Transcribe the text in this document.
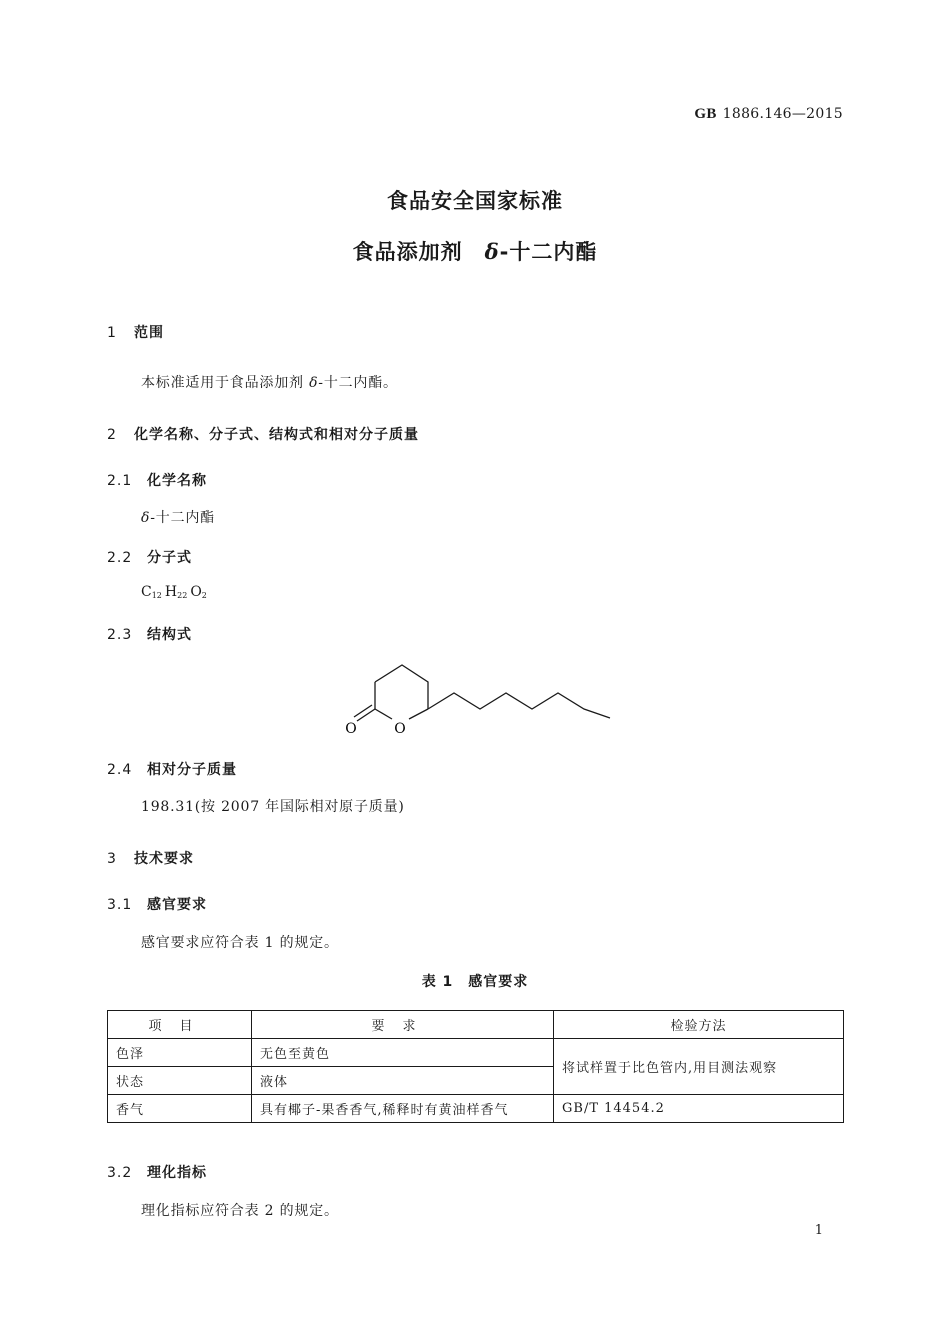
GB 1886.146—2015
食品安全国家标准
食品添加剂 δ-十二内酯
1 范围
本标准适用于食品添加剂 δ-十二内酯。
2 化学名称、分子式、结构式和相对分子质量
2.1 化学名称
δ-十二内酯
2.2 分子式
$C_{12}$ $H_{22}$ $O_2$
2.3 结构式
O	O
2.4 相对分子质量
198.31(按 2007 年国际相对原子质量)
3 技术要求
3.1 感官要求
感官要求应符合表 1 的规定。
表 1　感官要求
项目	要求	检验方法
色泽	无色至黄色	将试样置于比色管内,用目测法观察
状态	液体	
香气	具有椰子-果香香气,稀释时有黄油样香气	GB/T 14454.2
3.2 理化指标
理化指标应符合表 2 的规定。
1
